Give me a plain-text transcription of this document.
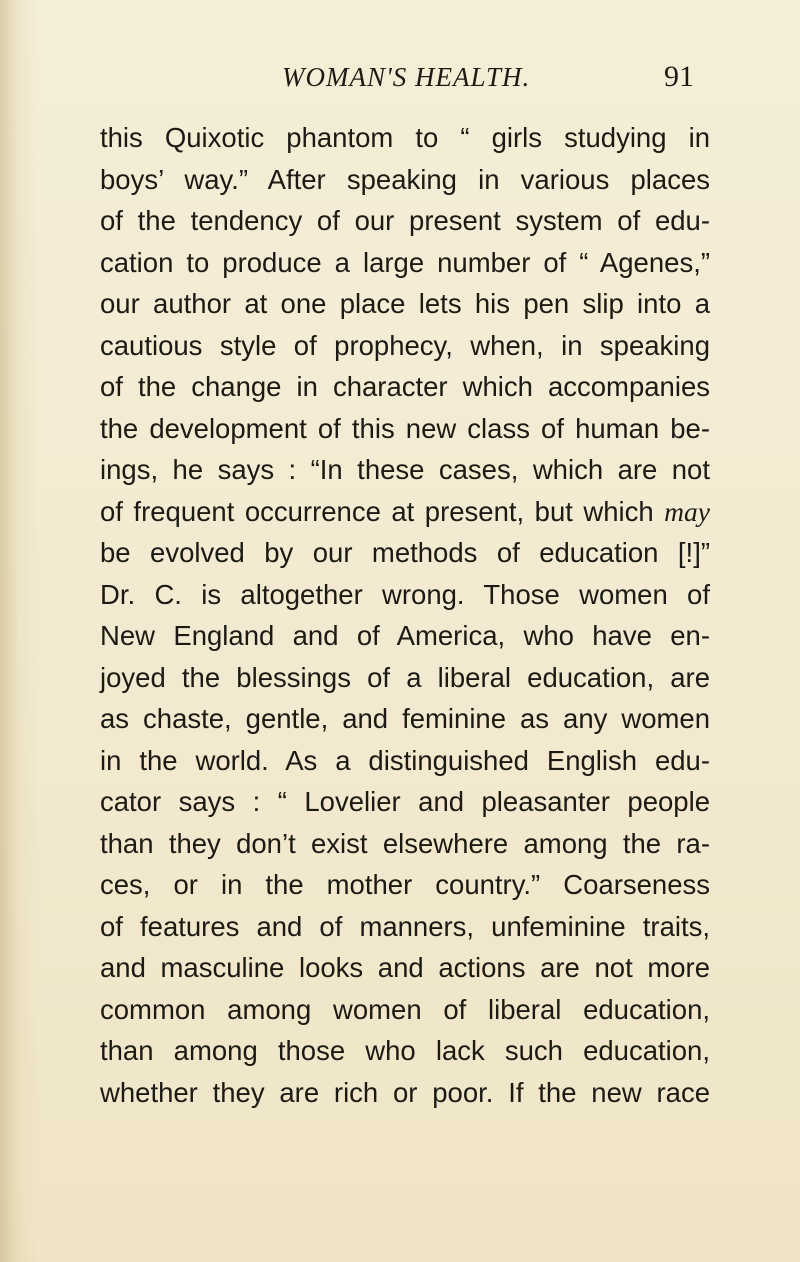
WOMAN'S HEALTH.	91
this Quixotic phantom to “ girls studying in
boys’ way.” After speaking in various places
of the tendency of our present system of edu-
cation to produce a large number of “ Agenes,”
our author at one place lets his pen slip into a
cautious style of prophecy, when, in speaking
of the change in character which accompanies
the development of this new class of human be-
ings, he says : “In these cases, which are not
of frequent occurrence at present, but which may
be evolved by our methods of education [!]”
Dr. C. is altogether wrong. Those women of
New England and of America, who have en-
joyed the blessings of a liberal education, are
as chaste, gentle, and feminine as any women
in the world. As a distinguished English edu-
cator says : “ Lovelier and pleasanter people
than they don’t exist elsewhere among the ra-
ces, or in the mother country.” Coarseness
of features and of manners, unfeminine traits,
and masculine looks and actions are not more
common among women of liberal education,
than among those who lack such education,
whether they are rich or poor. If the new race
